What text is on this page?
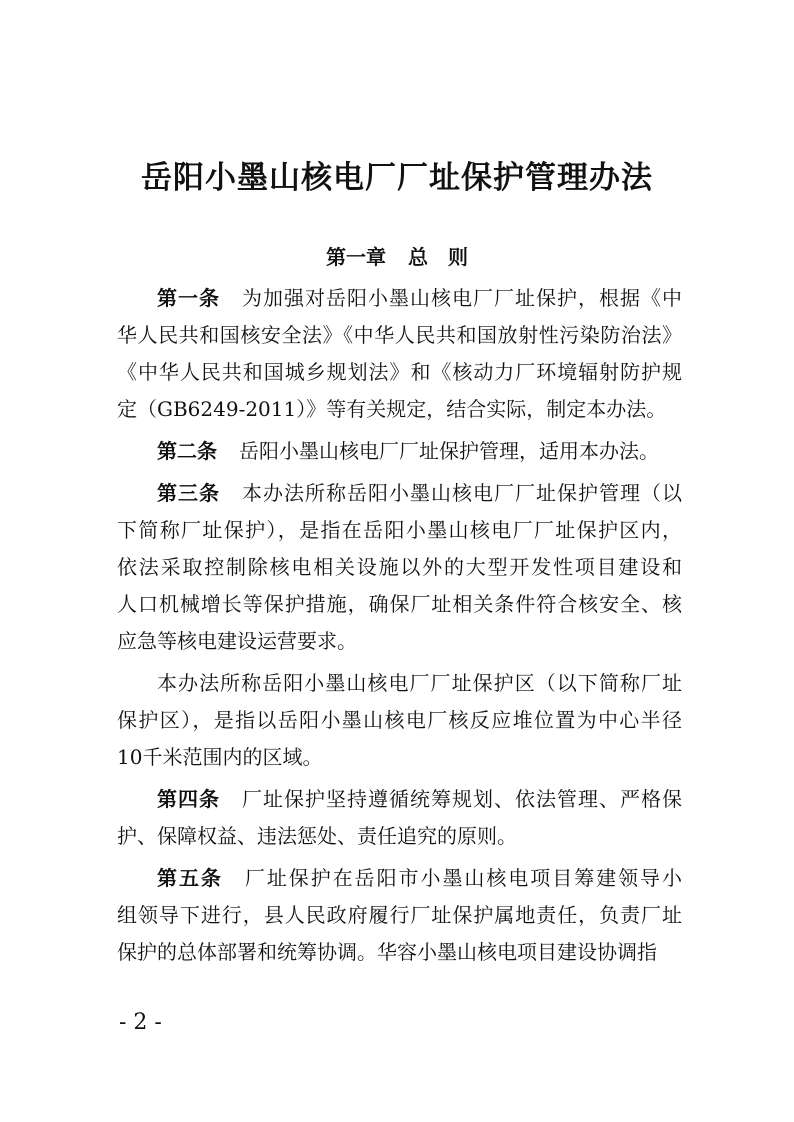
岳阳小墨山核电厂厂址保护管理办法
第一章 总　则
第一条 为加强对岳阳小墨山核电厂厂址保护，根据《中
华人民共和国核安全法》《中华人民共和国放射性污染防治法》
《中华人民共和国城乡规划法》和《核动力厂环境辐射防护规
定（GB6249-2011）》等有关规定，结合实际，制定本办法。
第二条 岳阳小墨山核电厂厂址保护管理，适用本办法。
第三条 本办法所称岳阳小墨山核电厂厂址保护管理（以
下简称厂址保护），是指在岳阳小墨山核电厂厂址保护区内，
依法采取控制除核电相关设施以外的大型开发性项目建设和
人口机械增长等保护措施，确保厂址相关条件符合核安全、核
应急等核电建设运营要求。
本办法所称岳阳小墨山核电厂厂址保护区（以下简称厂址
保护区），是指以岳阳小墨山核电厂核反应堆位置为中心半径
10千米范围内的区域。
第四条 厂址保护坚持遵循统筹规划、依法管理、严格保
护、保障权益、违法惩处、责任追究的原则。
第五条 厂址保护在岳阳市小墨山核电项目筹建领导小
组领导下进行，县人民政府履行厂址保护属地责任，负责厂址
保护的总体部署和统筹协调。华容小墨山核电项目建设协调指
- 2 -
